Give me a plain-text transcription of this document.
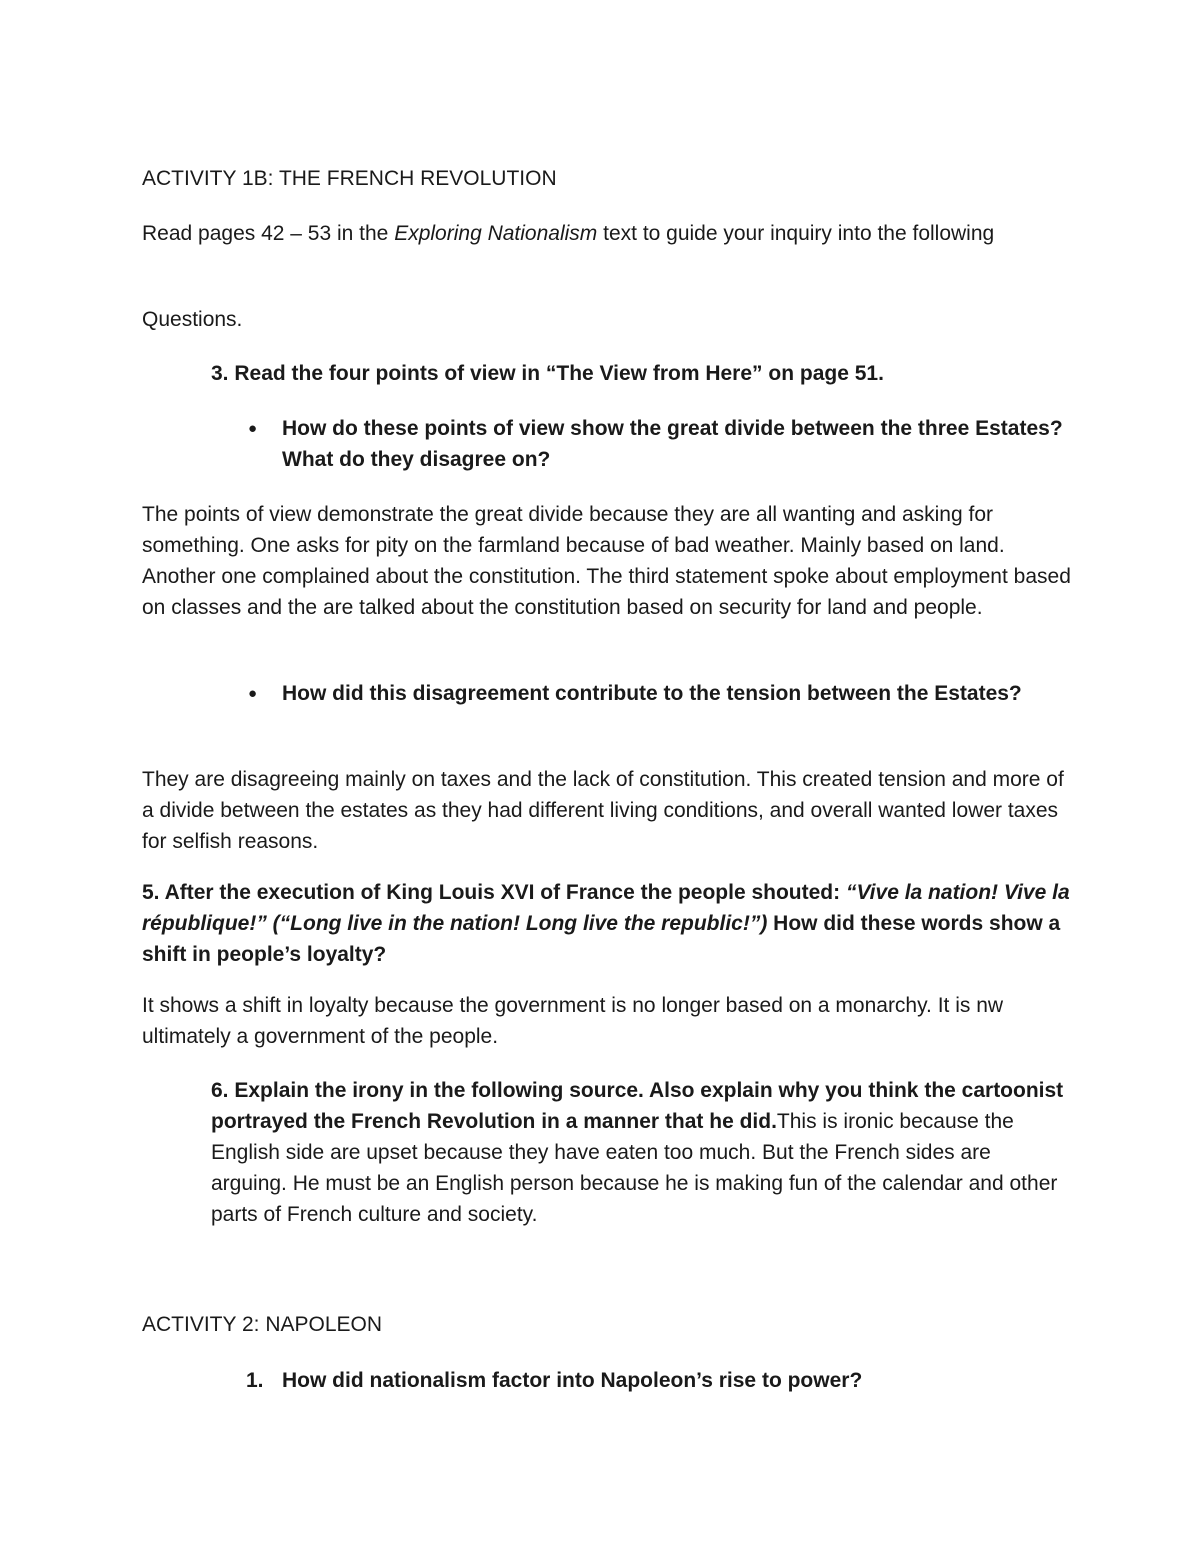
ACTIVITY 1B: THE FRENCH REVOLUTION

Read pages 42 – 53 in the Exploring Nationalism text to guide your inquiry into the following

Questions.

3. Read the four points of view in “The View from Here” on page 51.

●	How do these points of view show the great divide between the three Estates? What do they disagree on?

The points of view demonstrate the great divide because they are all wanting and asking for something. One asks for pity on the farmland because of bad weather. Mainly based on land. Another one complained about the constitution. The third statement spoke about employment based on classes and the are talked about the constitution based on security for land and people.

●	How did this disagreement contribute to the tension between the Estates?

They are disagreeing mainly on taxes and the lack of constitution. This created tension and more of a divide between the estates as they had different living conditions, and overall wanted lower taxes for selfish reasons.

5. After the execution of King Louis XVI of France the people shouted: “Vive la nation! Vive la république!” (“Long live in the nation! Long live the republic!”) How did these words show a shift in people’s loyalty?

It shows a shift in loyalty because the government is no longer based on a monarchy. It is nw ultimately a government of the people.

6. Explain the irony in the following source. Also explain why you think the cartoonist portrayed the French Revolution in a manner that he did.This is ironic because the English side are upset because they have eaten too much. But the French sides are arguing. He must be an English person because he is making fun of the calendar and other parts of French culture and society.

ACTIVITY 2: NAPOLEON

1. How did nationalism factor into Napoleon’s rise to power?
